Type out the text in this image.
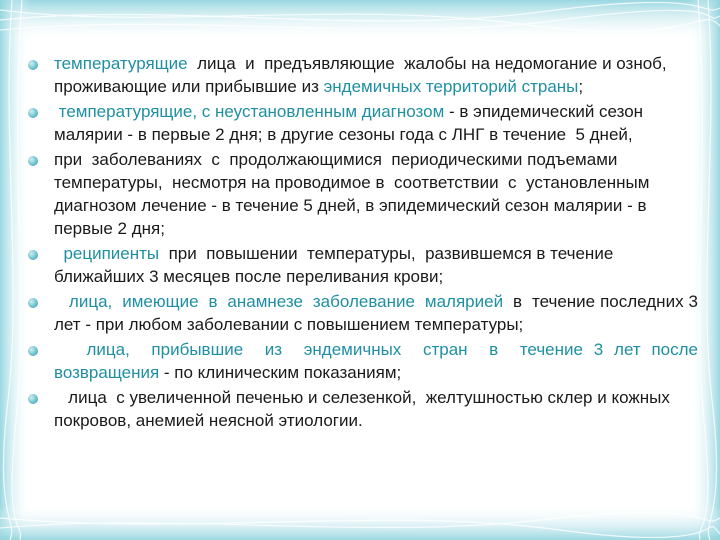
температурящие  лица  и  предъявляющие  жалобы на недомогание и озноб, проживающие или прибывшие из эндемичных территорий страны;

температурящие, с неустановленным диагнозом - в эпидемический сезон малярии - в первые 2 дня; в другие сезоны года с ЛНГ в течение  5 дней,

при  заболеваниях  с  продолжающимися  периодическими подъемами температуры,  несмотря на проводимое в  соответствии  с  установленным диагнозом лечение - в течение 5 дней, в эпидемический сезон малярии - в первые 2 дня;

реципиенты  при  повышении  температуры,  развившемся в течение ближайших 3 месяцев после переливания крови;

лица,  имеющие  в  анамнезе  заболевание  малярией  в  течение последних 3 лет - при любом заболевании с повышением температуры;

лица,  прибывшие  из  эндемичных  стран  в  течение 3 лет после возвращения - по клиническим показаниям;

лица  с увеличенной печенью и селезенкой,  желтушностью склер и кожных покровов, анемией неясной этиологии.
